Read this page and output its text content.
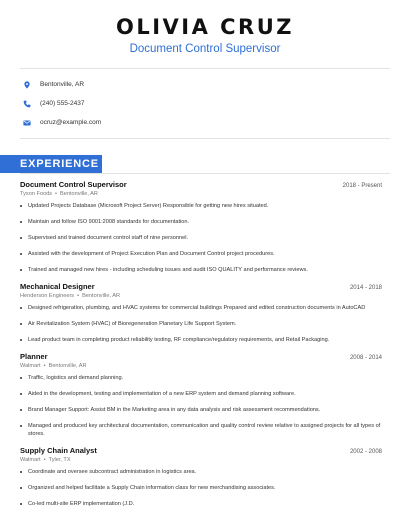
OLIVIA CRUZ
Document Control Supervisor
Bentonville, AR
(240) 555-2437
ocruz@example.com
EXPERIENCE
Document Control Supervisor	2018 - Present
Tyson Foods • Bentonville, AR
Updated Projects Database (Microsoft Project Server) Responsible for getting new hires situated.
Maintain and follow ISO 9001:2008 standards for documentation.
Supervised and trained document control staff of nine personnel.
Assisted with the development of Project Execution Plan and Document Control project procedures.
Trained and managed new hires - including scheduling issues and audit ISO QUALITY and performance reviews.
Mechanical Designer	2014 - 2018
Henderson Engineers • Bentonville, AR
Designed refrigeration, plumbing, and HVAC systems for commercial buildings Prepared and edited construction documents in AutoCAD
Air Revitalization System (HVAC) of Bioregeneration Planetary Life Support System.
Lead product team in completing product reliability testing, RF compliance/regulatory requirements, and Retail Packaging.
Planner	2008 - 2014
Walmart • Bentonville, AR
Traffic, logistics and demand planning.
Aided in the development, testing and implementation of a new ERP system and demand planning software.
Brand Manager Support: Assist BM in the Marketing area in any data analysis and risk assessment recommendations.
Managed and produced key architectural documentation, communication and quality control review relative to assigned projects for all types of stores.
Supply Chain Analyst	2002 - 2008
Walmart • Tyler, TX
Coordinate and oversee subcontract administration in logistics area.
Organized and helped facilitate a Supply Chain information class for new merchandising associates.
Co-led multi-site ERP implementation (J.D.
